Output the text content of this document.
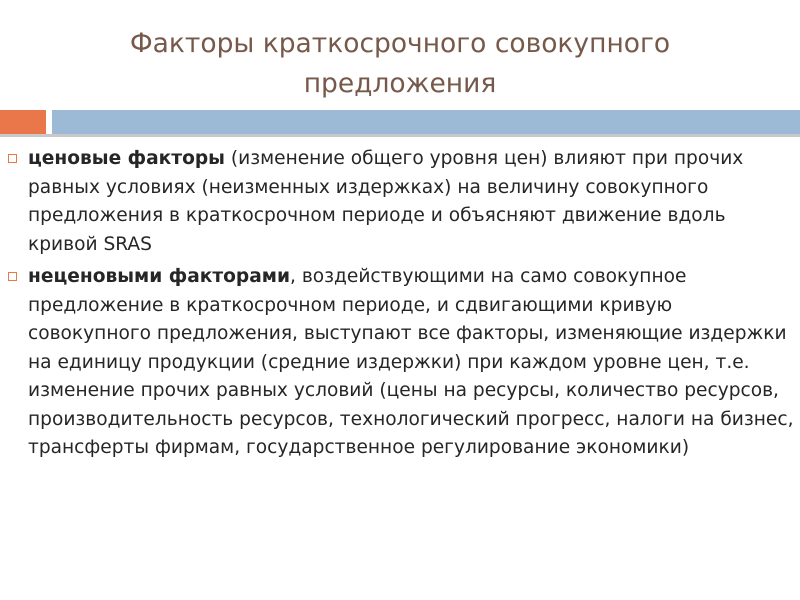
Факторы краткосрочного совокупного
предложения

ценовые факторы (изменение общего уровня цен) влияют при прочих равных условиях (неизменных издержках) на величину совокупного предложения в краткосрочном периоде и объясняют движение вдоль кривой SRAS

неценовыми факторами, воздействующими на само совокупное предложение в краткосрочном периоде, и сдвигающими кривую совокупного предложения, выступают все факторы, изменяющие издержки на единицу продукции (средние издержки) при каждом уровне цен, т.е. изменение прочих равных условий (цены на ресурсы, количество ресурсов, производительность ресурсов, технологический прогресс, налоги на бизнес, трансферты фирмам, государственное регулирование экономики)
